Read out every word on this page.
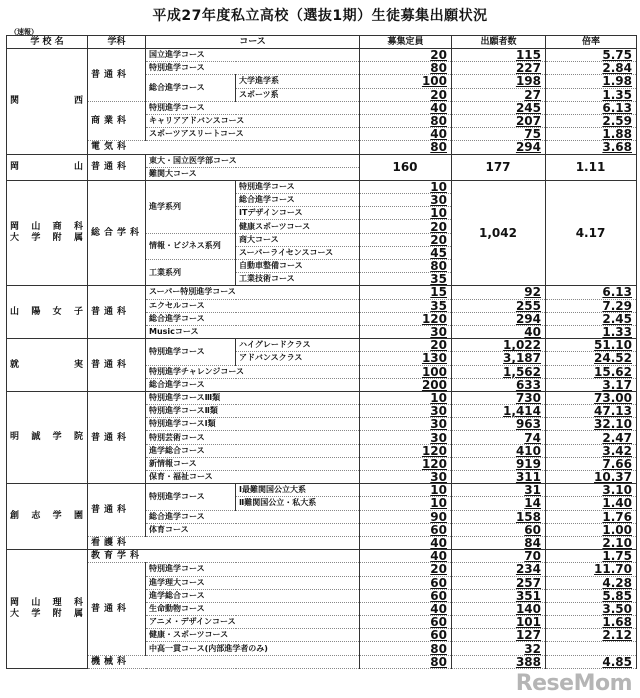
平成27年度私立高校（選抜1期）生徒募集出願状況
（速報）
学 校 名	学科	コース		募集定員	出願者数	倍率

関　　西	普通科	国立進学コース		20	115	5.75
		特別進学コース		80	227	2.84
		総合進学コース	大学進学系	100	198	1.98
			スポーツ系	20	27	1.35
	商業科	特別進学コース		40	245	6.13
		キャリアアドバンスコース		80	207	2.59
		スポーツアスリートコース		40	75	1.88
	電気科			80	294	3.68

岡　　山	普通科	東大・国立医学部コース		160	177	1.11
		難関大コース				

岡山商科
大学附属	総合学科	進学系列	特別進学コース	10	1,042	4.17
			総合進学コース	30		
			ITデザインコース	10		
			健康スポーツコース	20		
		情報・ビジネス系列	商大コース	20		
			スーパーライセンスコース	45		
		工業系列	自動車整備コース	80		
			工業技術コース	35		

山陽女子	普通科	スーパー特別進学コース		15	92	6.13
		エクセルコース		35	255	7.29
		総合進学コース		120	294	2.45
		Musicコース		30	40	1.33

就　　実	普通科	特別進学コース	ハイグレードクラス	20	1,022	51.10
			アドバンスクラス	130	3,187	24.52
		特別進学チャレンジコース		100	1,562	15.62
		総合進学コース		200	633	3.17

明誠学院	普通科	特別進学コースⅢ類		10	730	73.00
		特別進学コースⅡ類		30	1,414	47.13
		特別進学コースⅠ類		30	963	32.10
		特別芸術コース		30	74	2.47
		進学総合コース		120	410	3.42
		新情報コース		120	919	7.66
		保育・福祉コース		30	311	10.37

創志学園	普通科	特別進学コース	Ⅰ最難関国公立大系	10	31	3.10
			Ⅱ難関国公立・私大系	10	14	1.40
		総合進学コース		90	158	1.76
		体育コース		60	60	1.00
	看護科			40	84	2.10

岡山理科
大学附属	教育学科			40	70	1.75
	普通科	特別進学コース		20	234	11.70
		進学理大コース		60	257	4.28
		進学総合コース		60	351	5.85
		生命動物コース		40	140	3.50
		アニメ・デザインコース		60	101	1.68
		健康・スポーツコース		60	127	2.12
		中高一貫コース(内部進学者のみ)		80	32	
	機械科			80	388	4.85
ReseMom
